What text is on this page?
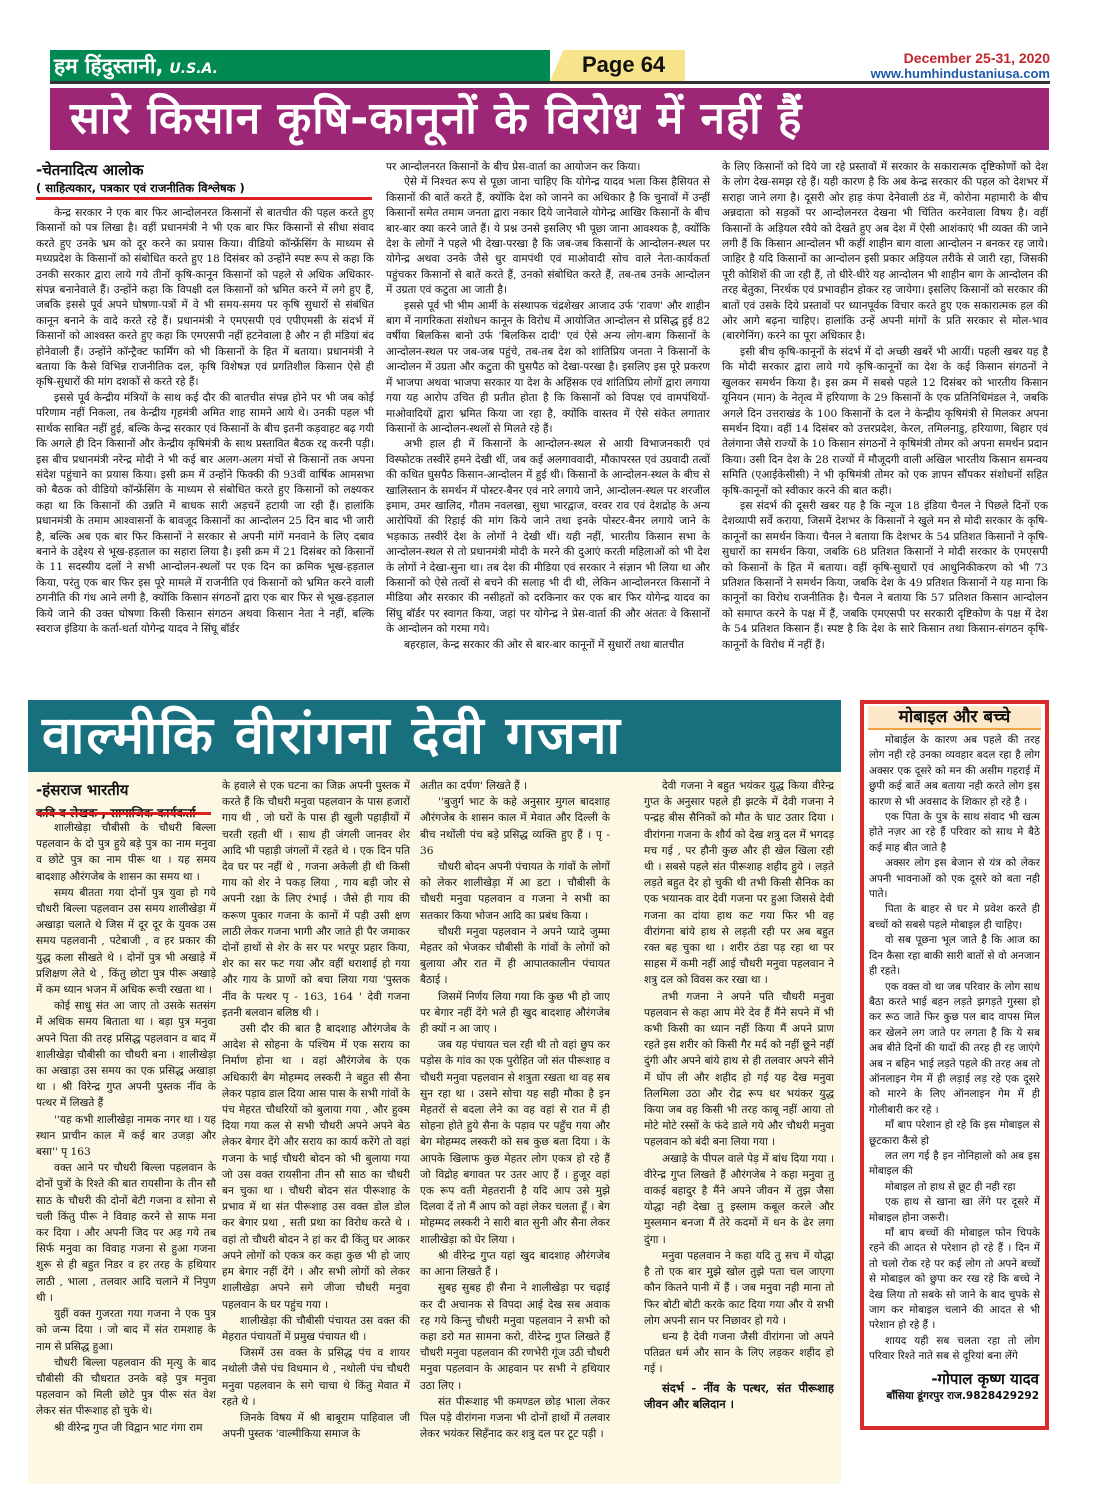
हम हिंदुस्तानी, U.S.A.	Page 64	December 25-31, 2020
www.humhindustaniusa.com
सारे किसान कृषि-कानूनों के विरोध में नहीं हैं
-चेतनादित्य आलोक
( साहित्यकार, पत्रकार एवं राजनीतिक विश्लेषक )

केन्द्र सरकार ने एक बार फिर आन्दोलनरत किसानों से बातचीत की पहल करते हुए किसानों को पत्र लिखा है। वहीं प्रधानमंत्री ने भी एक बार फिर किसानों से सीधा संवाद करते हुए उनके भ्रम को दूर करने का प्रयास किया। वीडियो कॉन्फ्रेंसिंग के माध्यम से मध्यप्रदेश के किसानों को संबोधित करते हुए 18 दिसंबर को उन्होंने स्पष्ट रूप से कहा कि उनकी सरकार द्वारा लाये गये तीनों कृषि-कानून किसानों को पहले से अधिक अधिकार-संपन्न बनानेवाले हैं। उन्होंने कहा कि विपक्षी दल किसानों को भ्रमित करने में लगे हुए हैं, जबकि इससे पूर्व अपने घोषणा-पत्रों में वे भी समय-समय पर कृषि सुधारों से संबंधित कानून बनाने के वादे करते रहे हैं। प्रधानमंत्री ने एमएसपी एवं एपीएमसी के संदर्भ में किसानों को आश्वस्त करते हुए कहा कि एमएसपी नहीं हटनेवाला है और न ही मंडियां बंद होनेवाली हैं। उन्होंने कॉन्ट्रैक्ट फार्मिंग को भी किसानों के हित में बताया। प्रधानमंत्री ने बताया कि कैसे विभिन्न राजनीतिक दल, कृषि विशेषज्ञ एवं प्रगतिशील किसान ऐसे ही कृषि-सुधारों की मांग दशकों से करते रहे हैं।

इससे पूर्व केन्द्रीय मंत्रियों के साथ कई दौर की बातचीत संपन्न होने पर भी जब कोई परिणाम नहीं निकला, तब केन्द्रीय गृहमंत्री अमित शाह सामने आये थे। उनकी पहल भी सार्थक साबित नहीं हुई, बल्कि केन्द्र सरकार एवं किसानों के बीच इतनी कड़वाहट बढ़ गयी कि अगले ही दिन किसानों और केन्द्रीय कृषिमंत्री के साथ प्रस्तावित बैठक रद्द करनी पड़ी। इस बीच प्रधानमंत्री नरेन्द्र मोदी ने भी कई बार अलग-अलग मंचों से किसानों तक अपना संदेश पहुंचाने का प्रयास किया। इसी क्रम में उन्होंने फिक्की की 93वीं वार्षिक आमसभा को बैठक को वीडियो कॉन्फ्रेंसिंग के माध्यम से संबोधित करते हुए किसानों को लक्ष्यकर कहा था कि किसानों की उन्नति में बाधक सारी अड़चनें हटायी जा रही हैं। हालांकि प्रधानमंत्री के तमाम आश्वासनों के बावजूद किसानों का आन्दोलन 25 दिन बाद भी जारी है, बल्कि अब एक बार फिर किसानों ने सरकार से अपनी मांगें मनवाने के लिए दबाव बनाने के उद्देश्य से भूख-हड़ताल का सहारा लिया है। इसी क्रम में 21 दिसंबर को किसानों के 11 सदस्यीय दलों ने सभी आन्दोलन-स्थलों पर एक दिन का क्रमिक भूख-हड़ताल किया, परंतु एक बार फिर इस पूरे मामले में राजनीति एवं किसानों को भ्रमित करने वाली ठगनीति की गंध आने लगी है, क्योंकि किसान संगठनों द्वारा एक बार फिर से भूख-हड़ताल किये जाने की उक्त घोषणा किसी किसान संगठन अथवा किसान नेता ने नहीं, बल्कि स्वराज इंडिया के कर्ता-धर्ता योगेन्द्र यादव ने सिंघू बॉर्डर

पर आन्दोलनरत किसानों के बीच प्रेस-वार्ता का आयोजन कर किया।

ऐसे में निश्चत रूप से पूछा जाना चाहिए कि योगेन्द्र यादव भला किस हैसियत से किसानों की बातें करते हैं, क्योंकि देश को जानने का अधिकार है कि चुनावों में उन्हीं किसानों समेत तमाम जनता द्वारा नकार दिये जानेवाले योगेन्द्र आखिर किसानों के बीच बार-बार क्या करने जाते हैं। ये प्रश्न उनसे इसलिए भी पूछा जाना आवश्यक है, क्योंकि देश के लोगों ने पहले भी देखा-परखा है कि जब-जब किसानों के आन्दोलन-स्थल पर योगेन्द्र अथवा उनके जैसे धुर वामपंथी एवं माओवादी सोच वाले नेता-कार्यकर्ता पहुंचकर किसानों से बातें करते हैं, उनको संबोधित करते हैं, तब-तब उनके आन्दोलन में उग्रता एवं कटुता आ जाती है।

इससे पूर्व भी भीम आर्मी के संस्थापक चंद्रशेखर आजाद उर्फ 'रावण' और शाहीन बाग में नागरिकता संशोधन कानून के विरोध में आयोजित आन्दोलन से प्रसिद्ध हुई 82 वर्षीया बिलकिस बानो उर्फ 'बिलकिस दादी' एवं ऐसे अन्य लोग-बाग किसानों के आन्दोलन-स्थल पर जब-जब पहुंचे, तब-तब देश को शांतिप्रिय जनता ने किसानों के आन्दोलन में उग्रता और कटुता की घुसपैठ को देखा-परखा है। इसलिए इस पूरे प्रकरण में भाजपा अथवा भाजपा सरकार या देश के अहिंसक एवं शांतिप्रिय लोगों द्वारा लगाया गया यह आरोप उचित ही प्रतीत होता है कि किसानों को विपक्ष एवं वामपंथियों-माओवादियों द्वारा भ्रमित किया जा रहा है, क्योंकि वास्तव में ऐसे संकेत लगातार किसानों के आन्दोलन-स्थलों से मिलते रहे हैं।

अभी हाल ही में किसानों के आन्दोलन-स्थल से आयी विभाजनकारी एवं विस्फोटक तस्वीरें हमने देखी थीं, जब कई अलगाववादी, मौकापरस्त एवं उग्रवादी तत्वों की कथित घुसपैठ किसान-आन्दोलन में हुई थी। किसानों के आन्दोलन-स्थल के बीच से खालिस्तान के समर्थन में पोस्टर-बैनर एवं नारे लगाये जाने, आन्दोलन-स्थल पर शरजील इमाम, उमर खालिद, गौतम नवलखा, सुधा भारद्वाज, वरवर राव एवं देशद्रोह के अन्य आरोपियों की रिहाई की मांग किये जाने तथा इनके पोस्टर-बैनर लगाये जाने के भड़काऊ तस्वीरें देश के लोगों ने देखी थीं। यही नहीं, भारतीय किसान सभा के आन्दोलन-स्थल से तो प्रधानमंत्री मोदी के मरने की दुआएं करती महिलाओं को भी देश के लोगों ने देखा-सुना था। तब देश की मीडिया एवं सरकार ने संज्ञान भी लिया था और किसानों को ऐसे तत्वों से बचने की सलाह भी दी थी, लेकिन आन्दोलनरत किसानों ने मीडिया और सरकार की नसीहतों को दरकिनार कर एक बार फिर योगेन्द्र यादव का सिंघु बॉर्डर पर स्वागत किया, जहां पर योगेन्द्र ने प्रेस-वार्ता की और अंततः वे किसानों के आन्दोलन को गरमा गये।

बहरहाल, केन्द्र सरकार की ओर से बार-बार कानूनों में सुधारों तथा बातचीत

के लिए किसानों को दिये जा रहे प्रस्तावों में सरकार के सकारात्मक दृष्टिकोणों को देश के लोग देख-समझ रहे हैं। यही कारण है कि अब केन्द्र सरकार की पहल को देशभर में सराहा जाने लगा है। दूसरी ओर हाड़ कंपा देनेवाली ठंड में, कोरोना महामारी के बीच अन्नदाता को सड़कों पर आन्दोलनरत देखना भी चिंतित करनेवाला विषय है। वहीं किसानों के अड़ियल रवैये को देखते हुए अब देश में ऐसी आशंकाएं भी व्यक्त की जाने लगी हैं कि किसान आन्दोलन भी कहीं शाहीन बाग वाला आन्दोलन न बनकर रह जाये। जाहिर है यदि किसानों का आन्दोलन इसी प्रकार अड़ियल तरीके से जारी रहा, जिसकी पूरी कोशिशें की जा रही हैं, तो धीरे-धीरे यह आन्दोलन भी शाहीन बाग के आन्दोलन की तरह बेतुका, निरर्थक एवं प्रभावहीन होकर रह जायेगा। इसलिए किसानों को सरकार की बातों एवं उसके दिये प्रस्तावों पर ध्यानपूर्वक विचार करते हुए एक सकारात्मक हल की ओर आगे बढ़ना चाहिए। हालांकि उन्हें अपनी मांगों के प्रति सरकार से मोल-भाव (बारगेनिंग) करने का पूरा अधिकार है।

इसी बीच कृषि-कानूनों के संदर्भ में दो अच्छी खबरें भी आयीं। पहली खबर यह है कि मोदी सरकार द्वारा लाये गये कृषि-कानूनों का देश के कई किसान संगठनों ने खुलकर समर्थन किया है। इस क्रम में सबसे पहले 12 दिसंबर को भारतीय किसान यूनियन (मान) के नेतृत्व में हरियाणा के 29 किसानों के एक प्रतिनिधिमंडल ने, जबकि अगले दिन उत्तराखंड के 100 किसानों के दल ने केन्द्रीय कृषिमंत्री से मिलकर अपना समर्थन दिया। वहीं 14 दिसंबर को उत्तरप्रदेश, केरल, तमिलनाडु, हरियाणा, बिहार एवं तेलंगाना जैसे राज्यों के 10 किसान संगठनों ने कृषिमंत्री तोमर को अपना समर्थन प्रदान किया। उसी दिन देश के 28 राज्यों में मौजूदगी वाली अखिल भारतीय किसान समन्वय समिति (एआईकेसीसी) ने भी कृषिमंत्री तोमर को एक ज्ञापन सौंपकर संशोधनों सहित कृषि-कानूनों को स्वीकार करने की बात कही।

इस संदर्भ की दूसरी खबर यह है कि न्यूज 18 इंडिया चैनल ने पिछले दिनों एक देशव्यापी सर्वे कराया, जिसमें देशभर के किसानों ने खुले मन से मोदी सरकार के कृषि-कानूनों का समर्थन किया। चैनल ने बताया कि देशभर के 54 प्रतिशत किसानों ने कृषि-सुधारों का समर्थन किया, जबकि 68 प्रतिशत किसानों ने मोदी सरकार के एमएसपी को किसानों के हित में बताया। वहीं कृषि-सुधारों एवं आधुनिकीकरण को भी 73 प्रतिशत किसानों ने समर्थन किया, जबकि देश के 49 प्रतिशत किसानों ने यह माना कि कानूनों का विरोध राजनीतिक है। चैनल ने बताया कि 57 प्रतिशत किसान आन्दोलन को समाप्त करने के पक्ष में हैं, जबकि एमएसपी पर सरकारी दृष्टिकोण के पक्ष में देश के 54 प्रतिशत किसान हैं। स्पष्ट है कि देश के सारे किसान तथा किसान-संगठन कृषि-कानूनों के विरोध में नहीं हैं।

वाल्मीकि वीरांगना देवी गजना
-हंसराज भारतीय

शालीखेड़ा चौबीसी के चौधरी बिल्ला पहलवान के दो पुत्र हुये बड़े पुत्र का नाम मनुवा व छोटे पुत्र का नाम पीरू था । यह समय बादशाह औरंगजेब के शासन का समय था ।

समय बीतता गया दोनों पुत्र युवा हो गये चौधरी बिल्ला पहलवान उस समय शालीखेड़ा में अखाड़ा चलाते थे जिस में दूर दूर के युवक उस समय पहलवानी , पटेबाजी , व हर प्रकार की युद्ध कला सीखते थे । दोनों पुत्र भी अखाड़े में प्रशिक्षण लेते थे , किंतु छोटा पुत्र पीरू अखाड़े में कम ध्यान भजन में अधिक रूची रखता था ।

कोई साधु संत आ जाए तो उसके सतसंग में अधिक समय बिताता था । बड़ा पुत्र मनुवा अपने पिता की तरह प्रसिद्ध पहलवान व बाद में शालीखेड़ा चौबीसी का चौधरी बना । शालीखेड़ा का अखाड़ा उस समय का एक प्रसिद्ध अखाड़ा था । श्री विरेन्द्र गुप्त अपनी पुस्तक नींव के पत्थर में लिखते हैं

''यह कभी शालीखेड़ा नामक नगर था । यह स्थान प्राचीन काल में कई बार उजड़ा और बसा'' पृ 163

वक्त आने पर चौधरी बिल्ला पहलवान के दोनों पुत्रों के रिश्ते की बात रायसीना के तीन सौ साठ के चौधरी की दोनों बेटी गजना व सोना से चली किंतु पीरू ने विवाह करने से साफ मना कर दिया । और अपनी जिद पर अड़ गये तब सिर्फ मनुवा का विवाह गजना से हुआ गजना शुरू से ही बहुत निडर व हर तरह के हथियार लाठी , भाला , तलवार आदि चलाने में निपुण थी ।

युहीं वक्त गुजरता गया गजना ने एक पुत्र को जन्म दिया । जो बाद में संत रामशाह के नाम से प्रसिद्ध हुआ।

चौधरी बिल्ला पहलवान की मृत्यु के बाद चौबीसी की चौधरात उनके बड़े पुत्र मनुवा पहलवान को मिली छोटे पुत्र पीरू संत वेश लेकर संत पीरूशाह हो चुके थे।

श्री वीरेन्द्र गुप्त जी विद्वान भाट गंगा राम

के हवाले से एक घटना का जिक्र अपनी पुस्तक में करते हैं कि चौधरी मनुवा पहलवान के पास हजारों गाय थी , जो घरों के पास ही खुली पहाड़ीयों में चरती रहती थीं । साथ ही जंगली जानवर शेर आदि भी पहाड़ी जंगलों में रहते थे । एक दिन पति देव घर पर नहीं थे , गजना अकेली ही थी किसी गाय को शेर ने पकड़ लिया , गाय बड़ी जोर से अपनी रक्षा के लिए रंभाई । जैसे ही गाय की करूण पुकार गजना के कानों में पड़ी उसी क्षण लाठी लेकर गजना भागी और जाते ही पैर जमाकर दोनों हाथों से शेर के सर पर भरपूर प्रहार किया, शेर का सर फट गया और वहीं धराशाई हो गया और गाय के प्राणों को बचा लिया गया 'पुस्तक नींव के पत्थर पृ - 163, 164 ' देवी गजना इतनी बलवान बलिष्ठ थी ।

उसी दौर की बात है बादशाह औरंगजेब के आदेश से सोहना के पश्चिम में एक सराय का निर्माण होना था । वहां औरंगजेब के एक अधिकारी बेग मोहम्मद लस्करी ने बहुत सी सैना लेकर पड़ाव डाल दिया आस पास के सभी गांवों के पंच मेहरत चौधरियों को बुलाया गया , और हुक्म दिया गया कल से सभी चौधरी अपने अपने बेठ लेकर बेगार देंगे और सराय का कार्य करेंगे तो वहां गजना के भाई चौधरी बोदन को भी बुलाया गया जो उस वक्त रायसीना तीन सौ साठ का चौधरी बन चुका था । चौधरी बोदन संत पीरूशाह के प्रभाव में था संत पीरूशाह उस वक्त डोल डोल कर बेगार प्रथा , सती प्रथा का विरोध करते थे । वहां तो चौधरी बोदन ने हां कर दी किंतु घर आकर अपने लोगों को एकत्र कर कहा कुछ भी हो जाए हम बेगार नहीं देंगे । और सभी लोगों को लेकर शालीखेड़ा अपने सगे जीजा चौधरी मनुवा पहलवान के घर पहुंच गया ।

शालीखेड़ा की चौबीसी पंचायत उस वक्त की मेहरात पंचायतों में प्रमुख पंचायत थी ।

जिसमें उस वक्त के प्रसिद्ध पंच व शायर नथोली जैसे पंच विधमान थे , नथोली पंच चौधरी मनुवा पहलवान के सगे चाचा थे किंतु मेवात में रहते थे ।

जिनके विषय में श्री बाबूराम पाहिवाल जी अपनी पुस्तक 'वाल्मीकिया समाज के

अतीत का दर्पण' लिखते हैं ।

''बुजुर्ग भाट के कहे अनुसार मुगल बादशाह औरंगजेब के शासन काल में मेवात और दिल्ली के बीच नथोंली पंच बड़े प्रसिद्ध व्यक्ति हुए हैं । पृ - 36

चौधरी बोदन अपनी पंचायत के गांवों के लोगों को लेकर शालीखेड़ा में आ डटा । चौबीसी के चौधरी मनुवा पहलवान व गजना ने सभी का सतकार किया भोजन आदि का प्रबंध किया ।

चौधरी मनुवा पहलवान ने अपने प्यादे जुम्मा मेहतर को भेजकर चौबीसी के गांवों के लोगों को बुलाया और रात में ही आपातकालीन पंचायत बैठाई ।

जिसमें निर्णय लिया गया कि कुछ भी हो जाए पर बेगार नहीं देंगे भले ही खुद बादशाह औरंगजेब ही क्यों न आ जाए ।

जब यह पंचायत चल रही थी तो वहां छुप कर पड़ोस के गांव का एक पुरोहित जो संत पीरूशाह व चौधरी मनुवा पहलवान से शत्रुता रखता था वह सब सुन रहा था । उसने सोचा यह सही मौका है इन मेहतरों से बदला लेने का वह वहां से रात में ही सोहना होते हुये सैना के पड़ाव पर पहुँच गया और बेग मोहम्मद लस्करी को सब कुछ बता दिया । के आपके खिलाफ कुछ मेहतर लोग एकत्र हो रहे हैं जो विद्रोह बगावत पर उतर आए हैं । हुजूर वहां एक रूप वती मेहतरानी है यदि आप उसे मुझे दिलवा दें तो मैं आप को वहां लेकर चलता हूँ । बेग मोहम्मद लस्करी ने सारी बात सुनी और सैना लेकर शालीखेड़ा को घेर लिया ।

श्री वीरेन्द्र गुप्त यहां खुद बादशाह औरंगजेब का आना लिखते हैं ।

सुबह सुबह ही सैना ने शालीखेड़ा पर चढ़ाई कर दी अचानक से विपदा आई देख सब अवाक रह गये किन्तु चौधरी मनुवा पहलवान ने सभी को कहा डरो मत सामना करो, वीरेन्द्र गुप्त लिखते हैं चौधरी मनुवा पहलवान की रणभेरी गूंज उठी चौधरी मनुवा पहलवान के आहवान पर सभी ने हथियार उठा लिए ।

संत पीरूशाह भी कमण्डल छोड़ भाला लेकर पिल पड़े वीरांगना गजना भी दोनों हाथों में तलवार लेकर भयंकर सिहँनाद कर शत्रु दल पर टूट पड़ी ।

देवी गजना ने बहुत भयंकर युद्ध किया वीरेन्द्र गुप्त के अनुसार पहले ही झटके में देवी गजना ने पन्द्रह बीस सैनिकों को मौत के घाट उतार दिया । वीरांगना गजना के शौर्य को देख शत्रु दल में भगदड़ मच गई , पर हौनी कुछ और ही खेल खिला रही थी । सबसे पहले संत पीरूशाह शहीद हुये । लड़ते लड़ते बहुत देर हो चुकी थी तभी किसी सैनिक का एक भयानक वार देवी गजना पर हुआ जिससे देवी गजना का दांया हाथ कट गया फिर भी वह वीरांगना बांये हाथ से लड़ती रही पर अब बहुत रक्त बह चुका था । शरीर ठंडा पड़ रहा था पर साहस में कमी नहीं आई चौधरी मनुवा पहलवान ने शत्रु दल को विवस कर रखा था ।

तभी गजना ने अपने पति चौधरी मनुवा पहलवान से कहा आप मेरे देव हैं मैंने सपने में भी कभी किसी का ध्यान नहीं किया मैं अपने प्राण रहते इस शरीर को किसी गैर मर्द को नहीं छूने नहीं दुंगी और अपने बांये हाथ से ही तलवार अपने सीने में घोंप ली और शहीद हो गई यह देख मनुवा तिलमिला उठा और रोद्र रूप धर भयंकर युद्ध किया जब वह किसी भी तरह काबू नहीं आया तो मोटे मोटे रस्सों के फंदे डाले गये और चौधरी मनुवा पहलवान को बंदी बना लिया गया ।

अखाड़े के पीपल वाले पेड़ में बांध दिया गया । वीरेन्द्र गुप्त लिखते हैं औरंगजेब ने कहा मनुवा तु वाकई बहादुर है मैंने अपने जीवन में तुझ जैसा योद्धा नही देखा तु इस्लाम कबूल करले और मुस्लमान बनजा मैं तेरे कदमों में धन के ढेर लगा दुंगा ।

मनुवा पहलवान ने कहा यदि तु सच में योद्धा है तो एक बार मुझे खोल तुझे पता चल जाएगा कौन कितने पानी में हैं । जब मनुवा नही माना तो फिर बोटी बोटी करके काट दिया गया और ये सभी लोग अपनी सान पर निछावर हो गये ।

धन्य है देवी गजना जैसी वीरांगना जो अपने पतिव्रत धर्म और सान के लिए लड़कर शहीद हो गई ।

संदर्भ - नींव के पत्थर, संत पीरूशाह जीवन और बलिदान ।

मोबाइल और बच्चे

मोबाईल के कारण अब पहले की तरह लोग नही रहे उनका व्यवहार बदल रहा है लोग अक्सर एक दूसरे को मन की असीम गहराई में छुपी कई बातें अब बताया नही करते लोग इस कारण से भी अवसाद के शिकार हो रहे है ।

एक पिता के पुत्र के साथ संवाद भी खत्म होते नज़र आ रहे हैं परिवार को साथ मे बैठे कई माह बीत जाते है

अक्सर लोग इस बेजान से यंत्र को लेकर अपनी भावनाओं को एक दूसरे को बता नही पाते।

पिता के बाहर से घर मे प्रवेश करते ही बच्चों को सबसे पहले मोबाइल ही चाहिए।

वो सब पूछना भूल जाते है कि आज का दिन कैसा रहा बाकी सारी बातों से वो अनजान ही रहते।

एक वक्त वो था जब परिवार के लोग साथ बैठा करते भाई बहन लड़ते झगड़ते गुस्सा हो कर रूठ जाते फिर कुछ पल बाद वापस मिल कर खेलने लग जाते पर लगता है कि ये सब अब बीते दिनों की यादों की तरह ही रह जाएंगे अब न बहिन भाई लड़ते पहले की तरह अब तो ऑनलाइन गेम में ही लड़ाई लड़ रहे एक दूसरे को मारने के लिए ऑनलाइन गेम में ही गोलीबारी कर रहे ।

माँ बाप परेशान हो रहे कि इस मोबाइल से छूटकारा कैसे हो

लत लग गई है इन नोनिहालो को अब इस मोबाइल की

मोबाइल तो हाथ से छूट ही नही रहा

एक हाथ से खाना खा लेंगे पर दूसरे में मोबाइल होना जरूरी।

माँ बाप बच्चों की मोबाइल फोन चिपके रहने की आदत से परेशान हो रहे हैं । दिन में तो चलो रोक रहे पर कई लोग तो अपने बच्चों से मोबाइल को छुपा कर रख रहे कि बच्चे ने देख लिया तो सबके सो जाने के बाद चुपके से जाग कर मोबाइल चलाने की आदत से भी परेशान हो रहे हैं ।

शायद यही सब चलता रहा तो लोग परिवार रिश्ते नाते सब से दूरियां बना लेंगे

-गोपाल कृष्ण यादव
बाँसिया डूंगरपुर राज.9828429292
